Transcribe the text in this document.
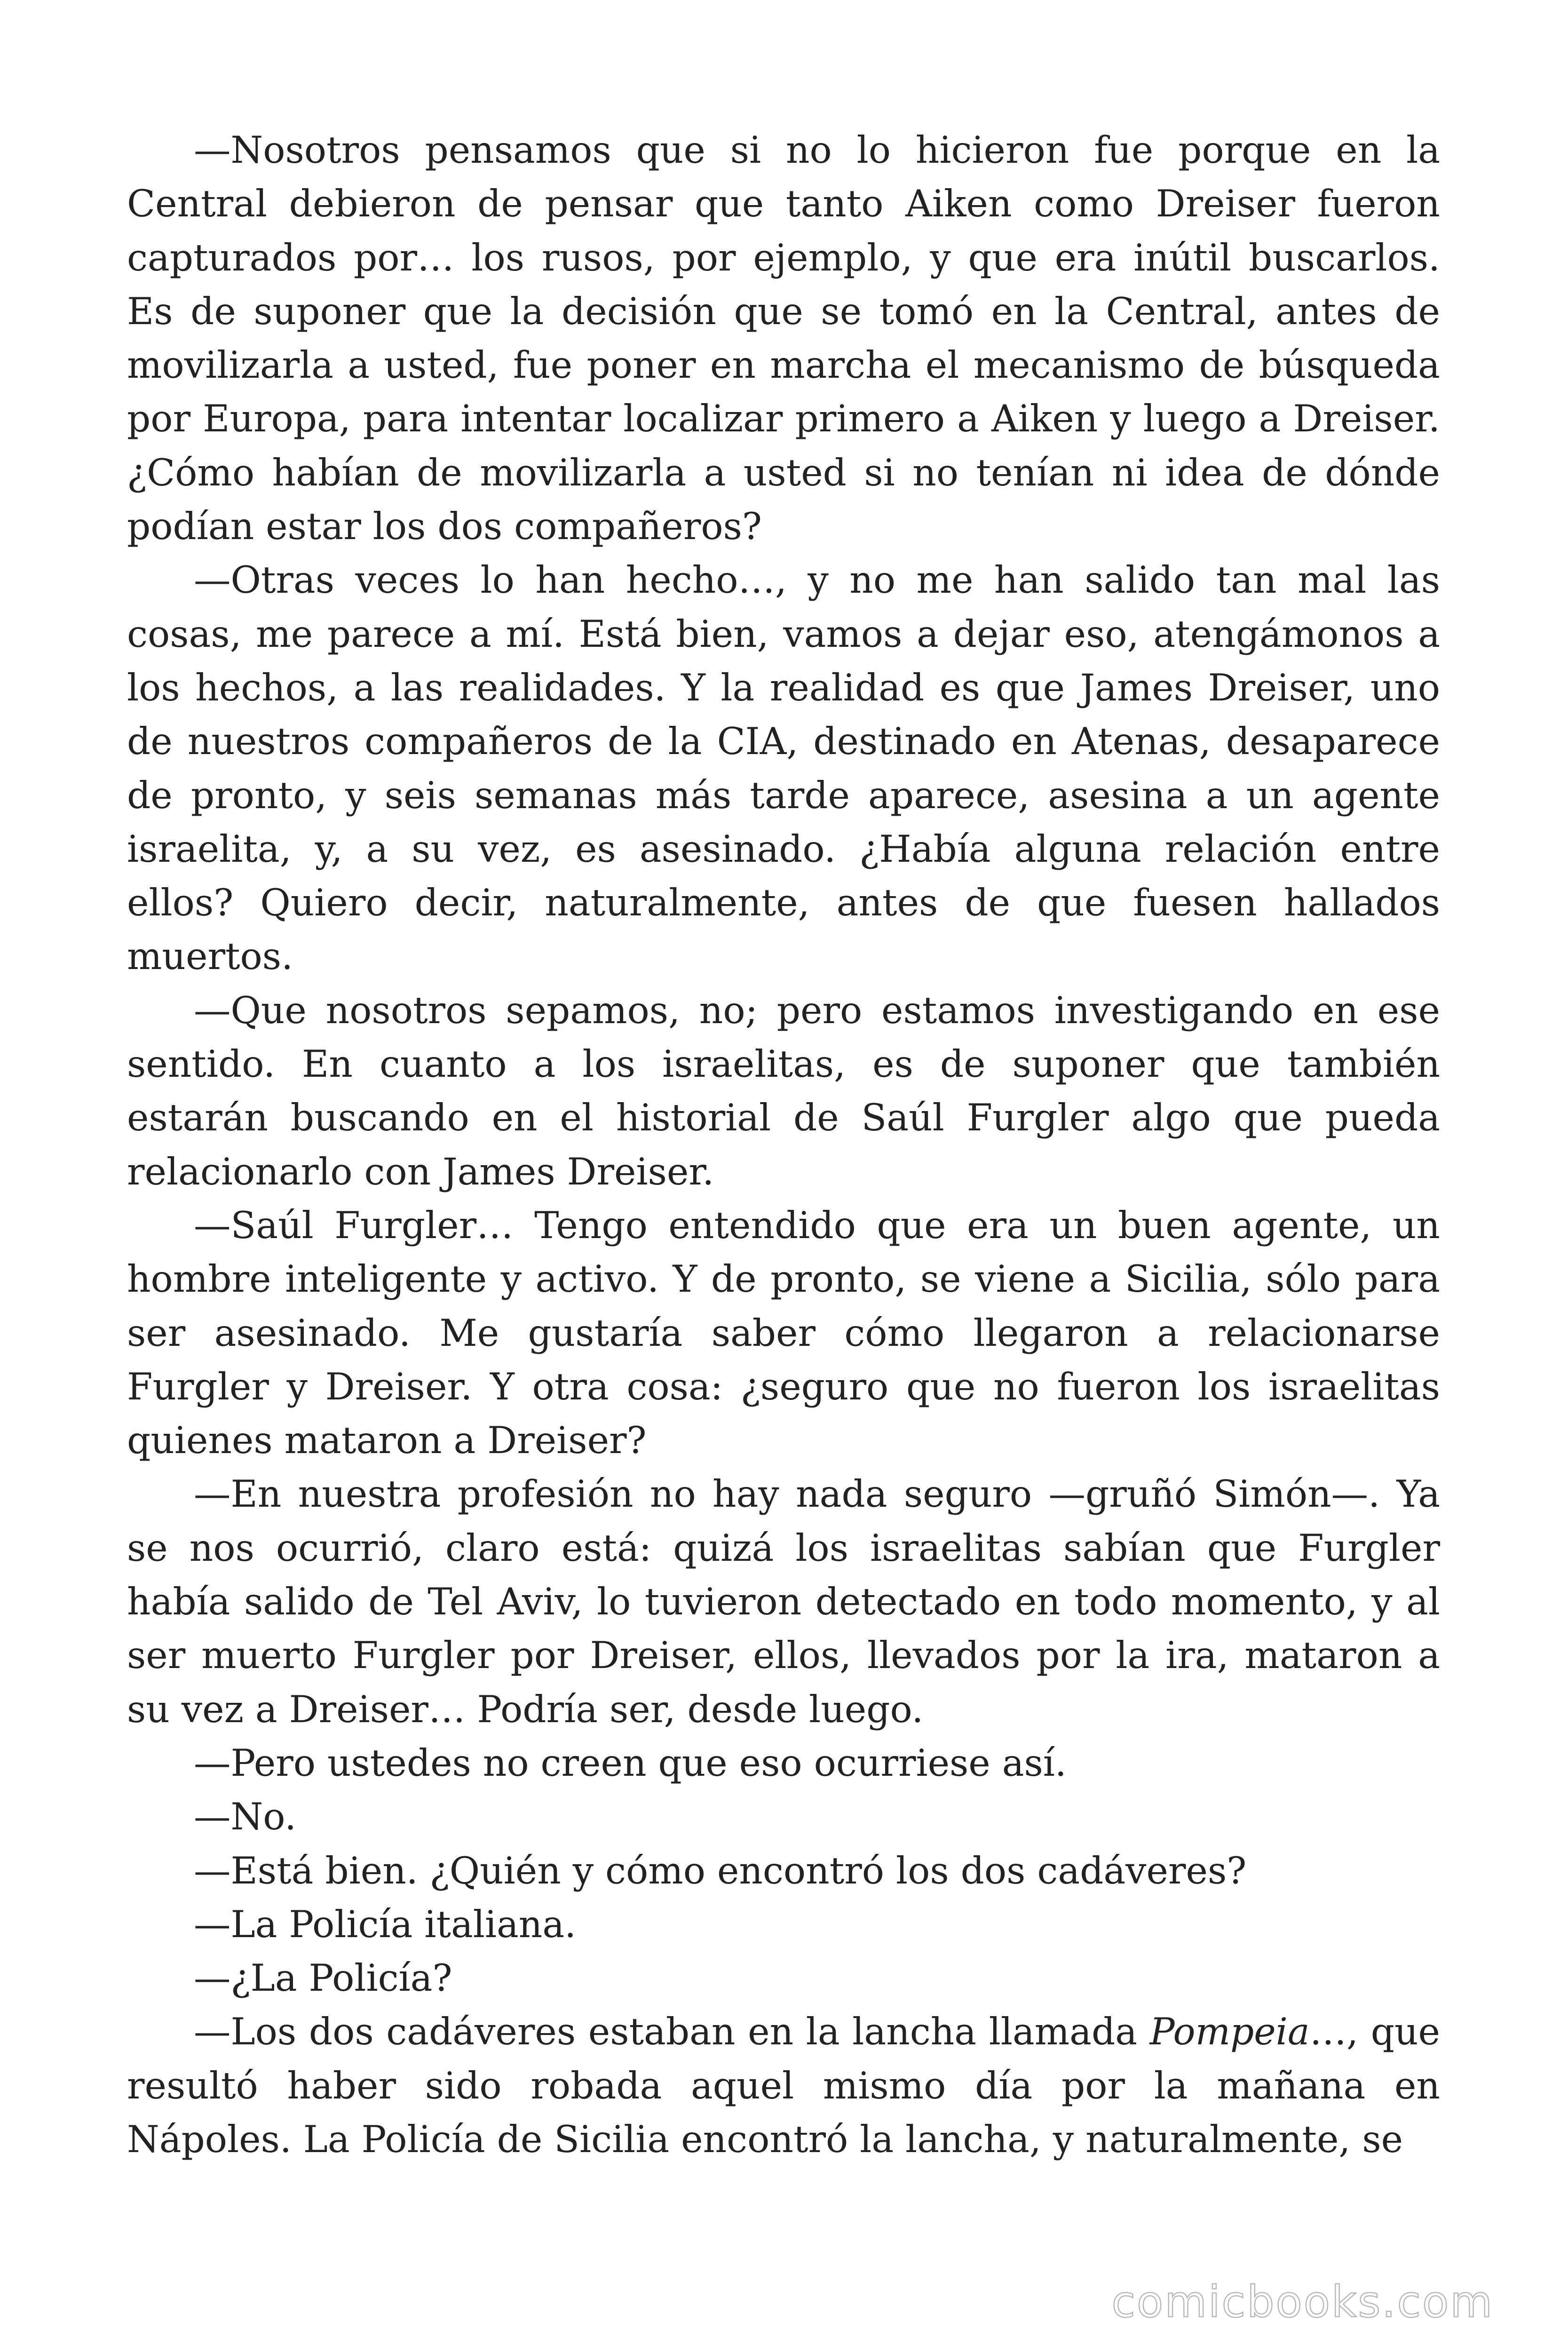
—Nosotros pensamos que si no lo hicieron fue porque en la Central debieron de pensar que tanto Aiken como Dreiser fueron capturados por… los rusos, por ejemplo, y que era inútil buscarlos. Es de suponer que la decisión que se tomó en la Central, antes de movilizarla a usted, fue poner en marcha el mecanismo de búsqueda por Europa, para intentar localizar primero a Aiken y luego a Dreiser. ¿Cómo habían de movilizarla a usted si no tenían ni idea de dónde podían estar los dos compañeros?

—Otras veces lo han hecho…, y no me han salido tan mal las cosas, me parece a mí. Está bien, vamos a dejar eso, atengámonos a los hechos, a las realidades. Y la realidad es que James Dreiser, uno de nuestros compañeros de la CIA, destinado en Atenas, desaparece de pronto, y seis semanas más tarde aparece, asesina a un agente israelita, y, a su vez, es asesinado. ¿Había alguna relación entre ellos? Quiero decir, naturalmente, antes de que fuesen hallados muertos.

—Que nosotros sepamos, no; pero estamos investigando en ese sentido. En cuanto a los israelitas, es de suponer que también estarán buscando en el historial de Saúl Furgler algo que pueda relacionarlo con James Dreiser.

—Saúl Furgler… Tengo entendido que era un buen agente, un hombre inteligente y activo. Y de pronto, se viene a Sicilia, sólo para ser asesinado. Me gustaría saber cómo llegaron a relacionarse Furgler y Dreiser. Y otra cosa: ¿seguro que no fueron los israelitas quienes mataron a Dreiser?

—En nuestra profesión no hay nada seguro —gruñó Simón—. Ya se nos ocurrió, claro está: quizá los israelitas sabían que Furgler había salido de Tel Aviv, lo tuvieron detectado en todo momento, y al ser muerto Furgler por Dreiser, ellos, llevados por la ira, mataron a su vez a Dreiser… Podría ser, desde luego.

—Pero ustedes no creen que eso ocurriese así.

—No.

—Está bien. ¿Quién y cómo encontró los dos cadáveres?

—La Policía italiana.

—¿La Policía?

—Los dos cadáveres estaban en la lancha llamada Pompeia…, que resultó haber sido robada aquel mismo día por la mañana en Nápoles. La Policía de Sicilia encontró la lancha, y naturalmente, se

comicbooks.com
